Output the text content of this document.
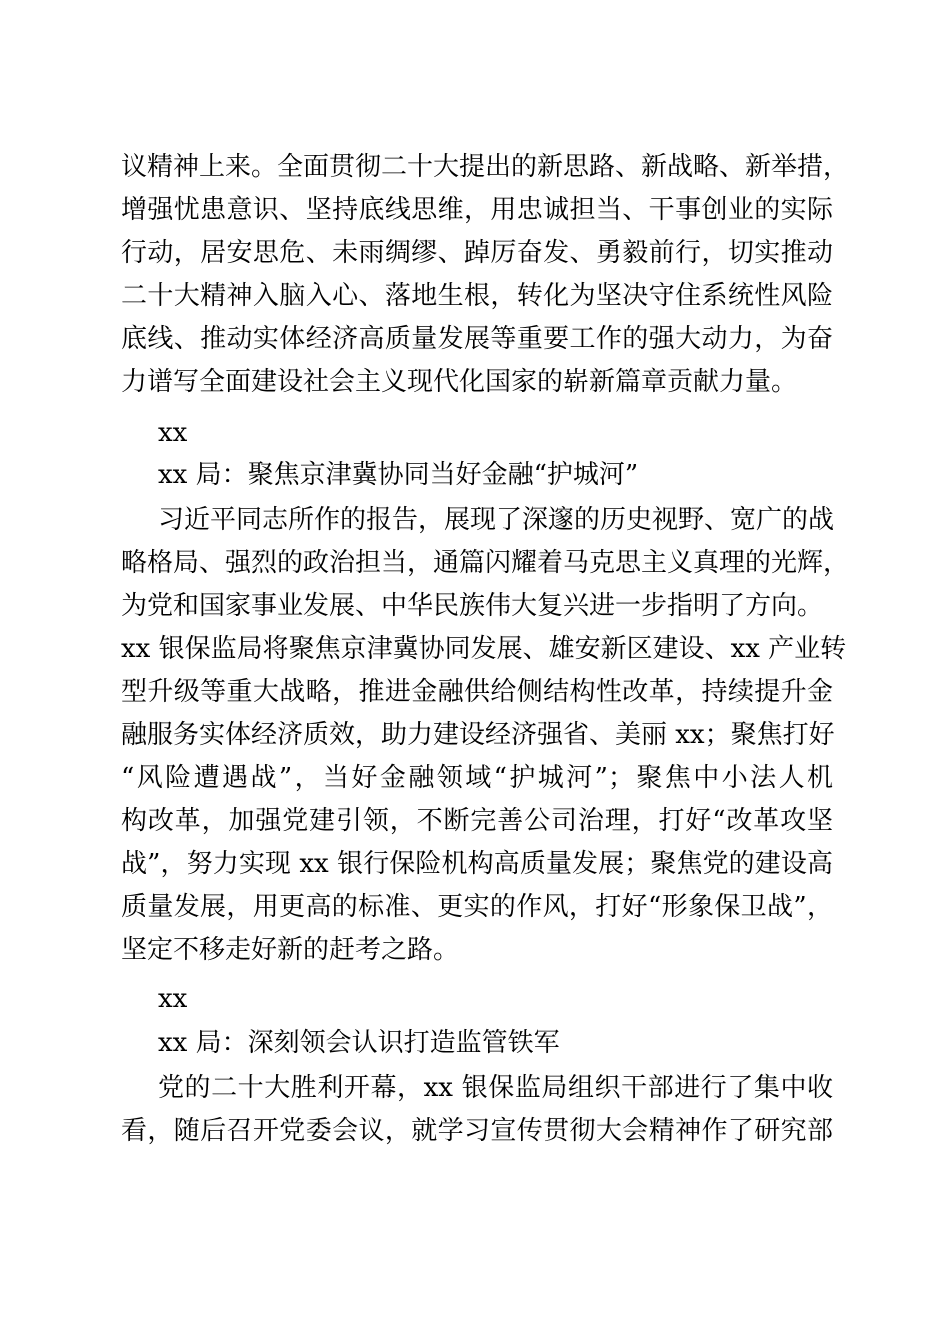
议精神上来。全面贯彻二十大提出的新思路、新战略、新举措，
增强忧患意识、坚持底线思维，用忠诚担当、干事创业的实际
行动，居安思危、未雨绸缪、踔厉奋发、勇毅前行，切实推动
二十大精神入脑入心、落地生根，转化为坚决守住系统性风险
底线、推动实体经济高质量发展等重要工作的强大动力，为奋
力谱写全面建设社会主义现代化国家的崭新篇章贡献力量。
xx
xx 局：聚焦京津冀协同当好金融“护城河”
习近平同志所作的报告，展现了深邃的历史视野、宽广的战
略格局、强烈的政治担当，通篇闪耀着马克思主义真理的光辉，
为党和国家事业发展、中华民族伟大复兴进一步指明了方向。
xx 银保监局将聚焦京津冀协同发展、雄安新区建设、xx 产业转
型升级等重大战略，推进金融供给侧结构性改革，持续提升金
融服务实体经济质效，助力建设经济强省、美丽 xx；聚焦打好
“风险遭遇战”，当好金融领域“护城河”；聚焦中小法人机
构改革，加强党建引领，不断完善公司治理，打好“改革攻坚
战”，努力实现 xx 银行保险机构高质量发展；聚焦党的建设高
质量发展，用更高的标准、更实的作风，打好“形象保卫战”，
坚定不移走好新的赶考之路。
xx
xx 局：深刻领会认识打造监管铁军
党的二十大胜利开幕，xx 银保监局组织干部进行了集中收
看，随后召开党委会议，就学习宣传贯彻大会精神作了研究部
